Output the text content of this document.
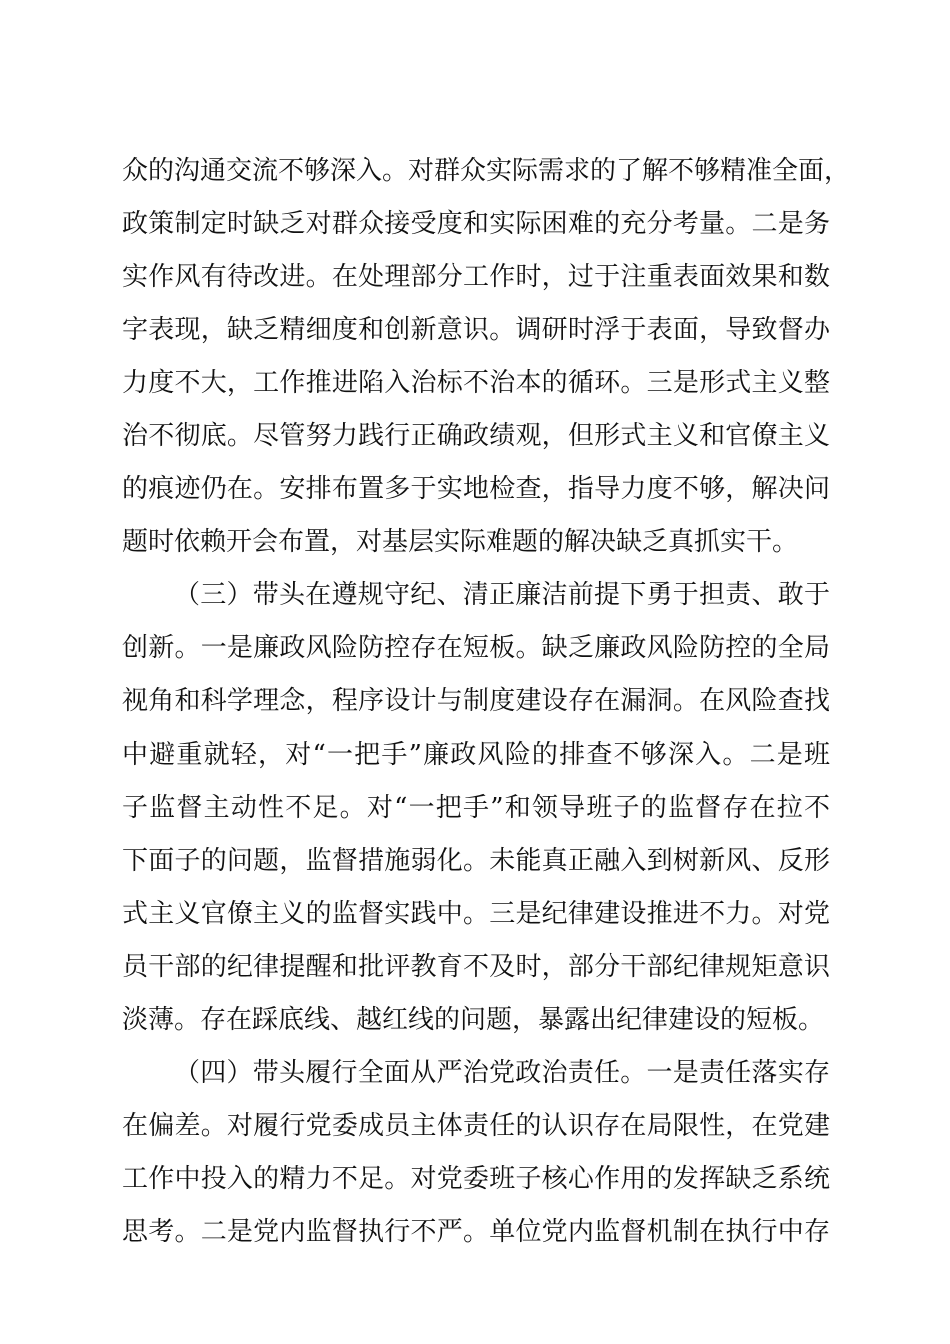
众的沟通交流不够深入。对群众实际需求的了解不够精准全面，

政策制定时缺乏对群众接受度和实际困难的充分考量。二是务

实作风有待改进。在处理部分工作时，过于注重表面效果和数

字表现，缺乏精细度和创新意识。调研时浮于表面，导致督办

力度不大，工作推进陷入治标不治本的循环。三是形式主义整

治不彻底。尽管努力践行正确政绩观，但形式主义和官僚主义

的痕迹仍在。安排布置多于实地检查，指导力度不够，解决问

题时依赖开会布置，对基层实际难题的解决缺乏真抓实干。

（三）带头在遵规守纪、清正廉洁前提下勇于担责、敢于

创新。一是廉政风险防控存在短板。缺乏廉政风险防控的全局

视角和科学理念，程序设计与制度建设存在漏洞。在风险查找

中避重就轻，对“一把手”廉政风险的排查不够深入。二是班

子监督主动性不足。对“一把手”和领导班子的监督存在拉不

下面子的问题，监督措施弱化。未能真正融入到树新风、反形

式主义官僚主义的监督实践中。三是纪律建设推进不力。对党

员干部的纪律提醒和批评教育不及时，部分干部纪律规矩意识

淡薄。存在踩底线、越红线的问题，暴露出纪律建设的短板。

（四）带头履行全面从严治党政治责任。一是责任落实存

在偏差。对履行党委成员主体责任的认识存在局限性，在党建

工作中投入的精力不足。对党委班子核心作用的发挥缺乏系统

思考。二是党内监督执行不严。单位党内监督机制在执行中存
